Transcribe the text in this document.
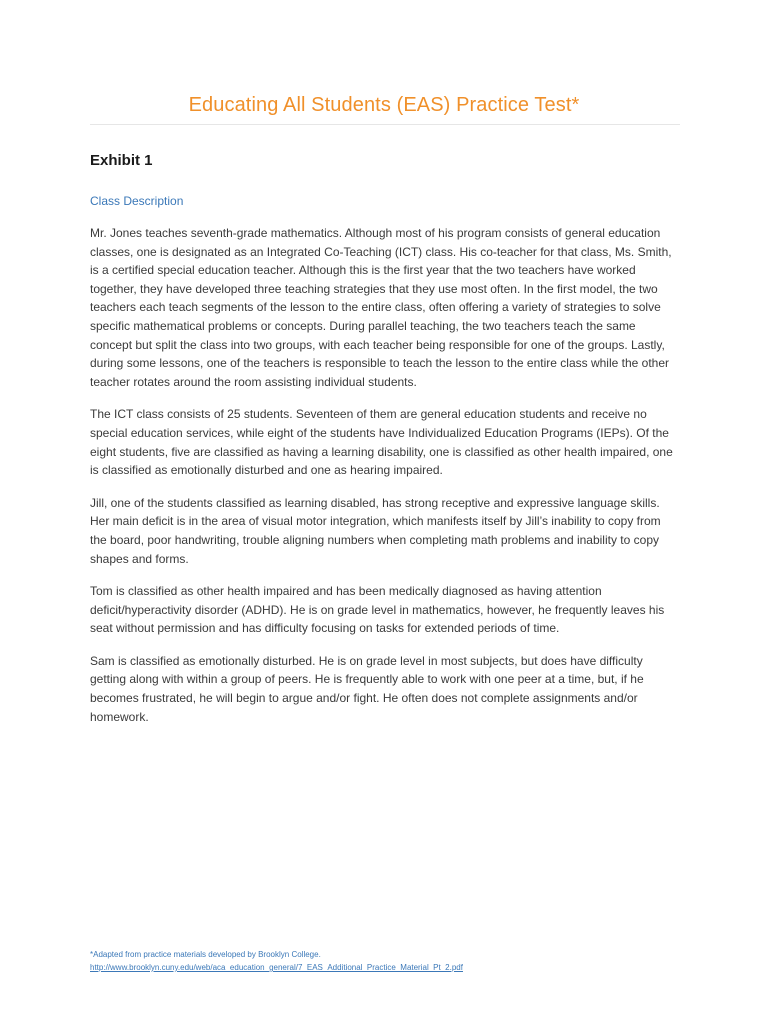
Educating All Students (EAS) Practice Test*
Exhibit 1
Class Description

Mr. Jones teaches seventh-grade mathematics. Although most of his program consists of general education classes, one is designated as an Integrated Co-Teaching (ICT) class. His co-teacher for that class, Ms. Smith, is a certified special education teacher. Although this is the first year that the two teachers have worked together, they have developed three teaching strategies that they use most often. In the first model, the two teachers each teach segments of the lesson to the entire class, often offering a variety of strategies to solve specific mathematical problems or concepts. During parallel teaching, the two teachers teach the same concept but split the class into two groups, with each teacher being responsible for one of the groups. Lastly, during some lessons, one of the teachers is responsible to teach the lesson to the entire class while the other teacher rotates around the room assisting individual students.

The ICT class consists of 25 students. Seventeen of them are general education students and receive no special education services, while eight of the students have Individualized Education Programs (IEPs). Of the eight students, five are classified as having a learning disability, one is classified as other health impaired, one is classified as emotionally disturbed and one as hearing impaired.

Jill, one of the students classified as learning disabled, has strong receptive and expressive language skills. Her main deficit is in the area of visual motor integration, which manifests itself by Jill’s inability to copy from the board, poor handwriting, trouble aligning numbers when completing math problems and inability to copy shapes and forms.

Tom is classified as other health impaired and has been medically diagnosed as having attention deficit/hyperactivity disorder (ADHD). He is on grade level in mathematics, however, he frequently leaves his seat without permission and has difficulty focusing on tasks for extended periods of time.

Sam is classified as emotionally disturbed. He is on grade level in most subjects, but does have difficulty getting along with within a group of peers. He is frequently able to work with one peer at a time, but, if he becomes frustrated, he will begin to argue and/or fight. He often does not complete assignments and/or homework.

*Adapted from practice materials developed by Brooklyn College.
http://www.brooklyn.cuny.edu/web/aca_education_general/7_EAS_Additional_Practice_Material_Pt_2.pdf
